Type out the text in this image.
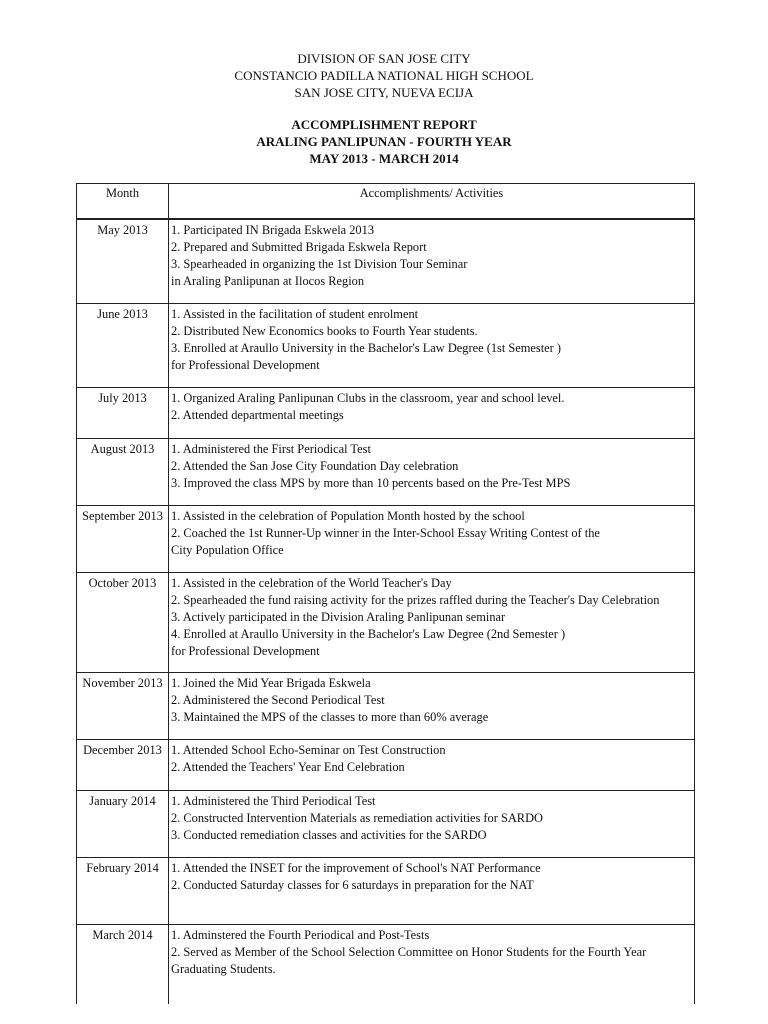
DIVISION OF SAN JOSE CITY
CONSTANCIO PADILLA NATIONAL HIGH SCHOOL
SAN JOSE CITY, NUEVA ECIJA
ACCOMPLISHMENT REPORT
ARALING PANLIPUNAN - FOURTH YEAR
MAY 2013 - MARCH 2014
Month	Accomplishments/ Activities
May 2013	1. Participated IN Brigada Eskwela 2013
2. Prepared and Submitted Brigada Eskwela Report
3. Spearheaded in organizing the 1st Division Tour Seminar
in Araling Panlipunan at Ilocos Region

June 2013	1. Assisted in the facilitation of student enrolment
2. Distributed New Economics books to Fourth Year students.
3. Enrolled at Araullo University in the Bachelor's Law Degree (1st Semester )
for Professional Development

July 2013	1. Organized Araling Panlipunan Clubs in the classroom, year and school level.
2. Attended departmental meetings

August 2013	1. Administered the First Periodical Test
2. Attended the San Jose City Foundation Day celebration
3. Improved the class MPS by more than 10 percents based on the Pre-Test MPS

September 2013	1. Assisted in the celebration of Population Month hosted by the school
2. Coached the 1st Runner-Up winner in the Inter-School Essay Writing Contest of the
City Population Office

October 2013	1. Assisted in the celebration of the World Teacher's Day
2. Spearheaded the fund raising activity for the prizes raffled during the Teacher's Day Celebration
3. Actively participated in the Division Araling Panlipunan seminar
4. Enrolled at Araullo University in the Bachelor's Law Degree (2nd Semester )
for Professional Development

November 2013	1. Joined the Mid Year Brigada Eskwela
2. Administered the Second Periodical Test
3. Maintained the MPS of the classes to more than 60% average

December 2013	1. Attended School Echo-Seminar on Test Construction
2. Attended the Teachers' Year End Celebration

January 2014	1. Administered the Third Periodical Test
2. Constructed Intervention Materials as remediation activities for SARDO
3. Conducted remediation classes and activities for the SARDO

February 2014	1. Attended the INSET for the improvement of School's NAT Performance
2. Conducted Saturday classes for 6 saturdays in preparation for the NAT

March 2014	1. Adminstered the Fourth Periodical and Post-Tests
2. Served as Member of the School Selection Committee on Honor Students for the Fourth Year
Graduating Students.
